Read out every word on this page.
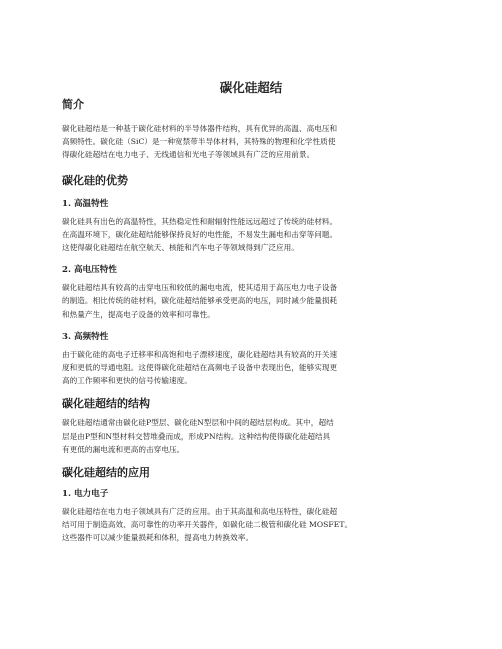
碳化硅超结
简介

碳化硅超结是一种基于碳化硅材料的半导体器件结构，具有优异的高温、高电压和
高频特性。碳化硅（SiC）是一种宽禁带半导体材料，其特殊的物理和化学性质使
得碳化硅超结在电力电子、无线通信和光电子等领域具有广泛的应用前景。

碳化硅的优势
1. 高温特性

碳化硅具有出色的高温特性，其热稳定性和耐辐射性能远远超过了传统的硅材料。
在高温环境下，碳化硅超结能够保持良好的电性能，不易发生漏电和击穿等问题。
这使得碳化硅超结在航空航天、核能和汽车电子等领域得到广泛应用。

2. 高电压特性

碳化硅超结具有较高的击穿电压和较低的漏电电流，使其适用于高压电力电子设备
的制造。相比传统的硅材料，碳化硅超结能够承受更高的电压，同时减少能量损耗
和热量产生，提高电子设备的效率和可靠性。

3. 高频特性

由于碳化硅的高电子迁移率和高饱和电子漂移速度，碳化硅超结具有较高的开关速
度和更低的导通电阻。这使得碳化硅超结在高频电子设备中表现出色，能够实现更
高的工作频率和更快的信号传输速度。

碳化硅超结的结构

碳化硅超结通常由碳化硅P型层、碳化硅N型层和中间的超结层构成。其中，超结
层是由P型和N型材料交替堆叠而成，形成PN结构。这种结构使得碳化硅超结具
有更低的漏电流和更高的击穿电压。

碳化硅超结的应用
1. 电力电子

碳化硅超结在电力电子领域具有广泛的应用。由于其高温和高电压特性，碳化硅超
结可用于制造高效、高可靠性的功率开关器件，如碳化硅二极管和碳化硅 MOSFET。
这些器件可以减少能量损耗和体积，提高电力转换效率。
